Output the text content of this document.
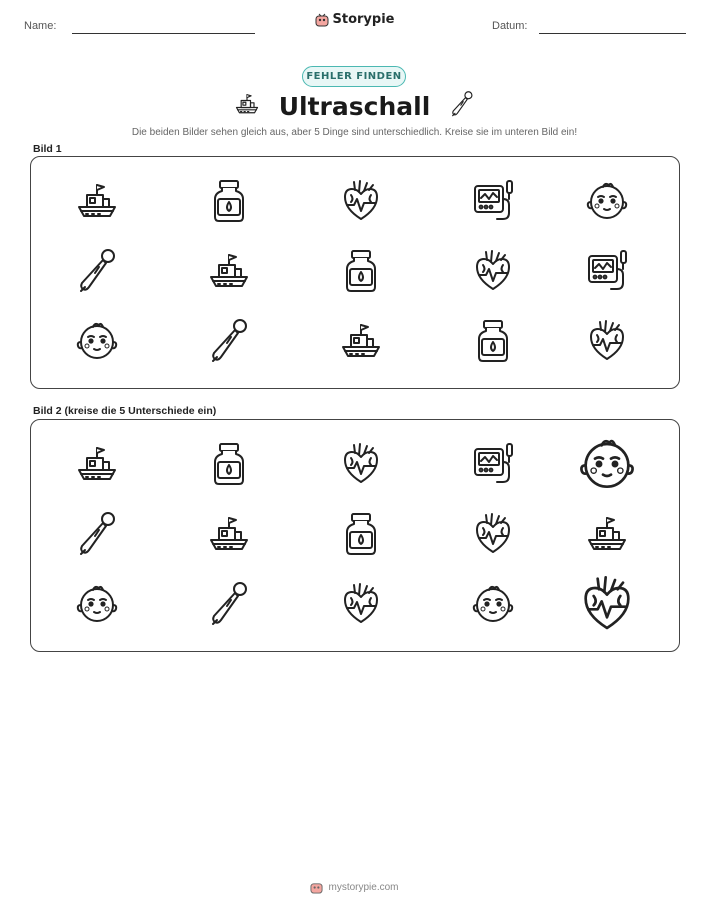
Name:	Storypie	Datum:
FEHLER FINDEN
Ultraschall
Die beiden Bilder sehen gleich aus, aber 5 Dinge sind unterschiedlich. Kreise sie im unteren Bild ein!
Bild 1
Bild 2 (kreise die 5 Unterschiede ein)
mystorypie.com
